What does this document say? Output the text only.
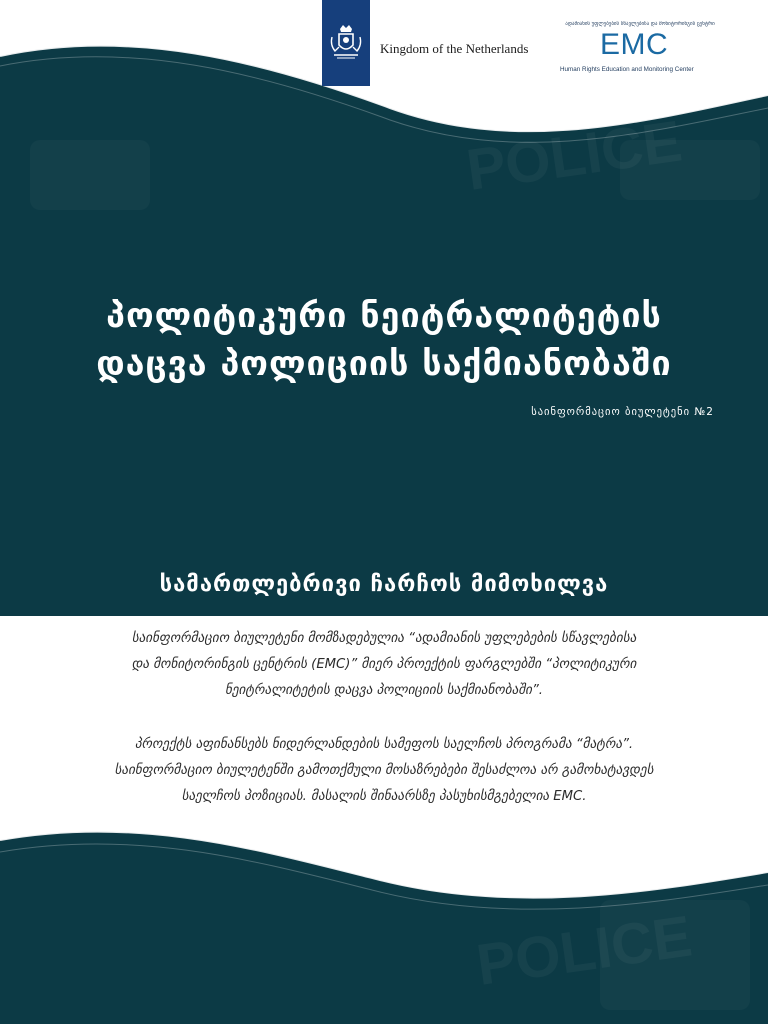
Kingdom of the Netherlands
ადამიანის უფლებების სწავლებისა და მონიტორინგის ცენტრი
EMC
Human Rights Education and Monitoring Center
პოლიტიკური ნეიტრალიტეტის
დაცვა პოლიციის საქმიანობაში
საინფორმაციო ბიულეტენი №2
სამართლებრივი ჩარჩოს მიმოხილვა
საინფორმაციო ბიულეტენი მომზადებულია “ადამიანის უფლებების სწავლებისა
და მონიტორინგის ცენტრის (EMC)” მიერ პროექტის ფარგლებში “პოლიტიკური
ნეიტრალიტეტის დაცვა პოლიციის საქმიანობაში”.
პროექტს აფინანსებს ნიდერლანდების სამეფოს საელჩოს პროგრამა “მატრა”.
საინფორმაციო ბიულეტენში გამოთქმული მოსაზრებები შესაძლოა არ გამოხატავდეს
საელჩოს პოზიციას. მასალის შინაარსზე პასუხისმგებელია EMC.
